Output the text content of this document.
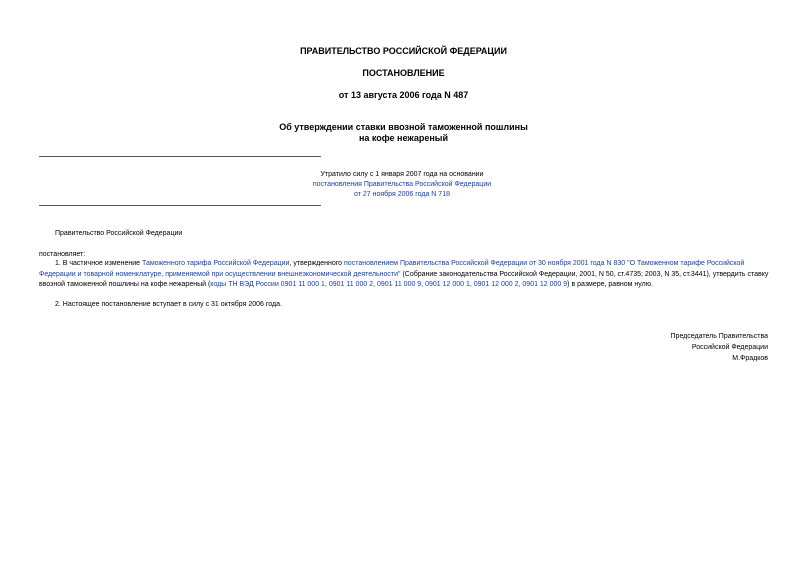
ПРАВИТЕЛЬСТВО РОССИЙСКОЙ ФЕДЕРАЦИИ
ПОСТАНОВЛЕНИЕ
от 13 августа 2006 года N 487
Об утверждении ставки ввозной таможенной пошлины
на кофе нежареный
Утратило силу с 1 января 2007 года на основании
постановления Правительства Российской Федерации
от 27 ноября 2006 года N 718
Правительство Российской Федерации
постановляет:
1. В частичное изменение Таможенного тарифа Российской Федерации, утвержденного постановлением Правительства Российской Федерации от 30 ноября 2001 года N 830 "О Таможенном тарифе Российской Федерации и товарной номенклатуре, применяемой при осуществлении внешнеэкономической деятельности" (Собрание законодательства Российской Федерации, 2001, N 50, ст.4735; 2003, N 35, ст.3441), утвердить ставку ввозной таможенной пошлины на кофе нежареный (коды ТН ВЭД России 0901 11 000 1, 0901 11 000 2, 0901 11 000 9, 0901 12 000 1, 0901 12 000 2, 0901 12 000 9) в размере, равном нулю.
2. Настоящее постановление вступает в силу с 31 октября 2006 года.
Председатель Правительства
Российской Федерации
М.Фрадков
